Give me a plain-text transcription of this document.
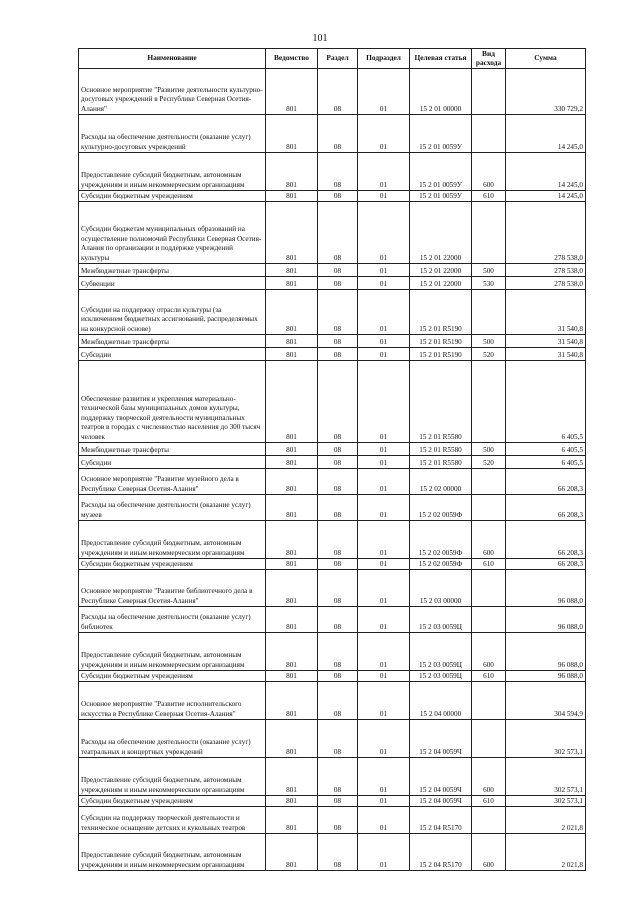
101
Наименование	Ведомство	Раздел	Подраздел	Целевая статья	Вид расхода	Сумма
Основное мероприятие "Развитие деятельности культурно-досуговых учреждений в Республике Северная Осетия-Алания"	801	08	01	15 2 01 00000		330 729,2
Расходы на обеспечение деятельности (оказание услуг) культурно-досуговых учреждений	801	08	01	15 2 01 0059У		14 245,0
Предоставление субсидий бюджетным, автономным учреждениям и иным некоммерческим организациям	801	08	01	15 2 01 0059У	600	14 245,0
Субсидии бюджетным учреждениям	801	08	01	15 2 01 0059У	610	14 245,0
Субсидии бюджетам муниципальных образований на осуществление полномочий Республики Северная Осетия-Алания по организации и поддержке учреждений культуры	801	08	01	15 2 01 22000		278 538,0
Межбюджетные трансферты	801	08	01	15 2 01 22000	500	278 538,0
Субвенции	801	08	01	15 2 01 22000	530	278 538,0
Субсидии на поддержку отрасли культуры (за исключением бюджетных ассигнований, распределяемых на конкурсной основе)	801	08	01	15 2 01 R5190		31 540,8
Межбюджетные трансферты	801	08	01	15 2 01 R5190	500	31 540,8
Субсидии	801	08	01	15 2 01 R5190	520	31 540,8
Обеспечение развития и укрепления материально-технической базы муниципальных домов культуры, поддержку творческой деятельности муниципальных театров в городах с численностью населения до 300 тысяч человек	801	08	01	15 2 01 R5580		6 405,5
Межбюджетные трансферты	801	08	01	15 2 01 R5580	500	6 405,5
Субсидии	801	08	01	15 2 01 R5580	520	6 405,5
Основное мероприятие "Развитие музейного дела в Республике Северная Осетия-Алания"	801	08	01	15 2 02 00000		66 208,3
Расходы на обеспечение деятельности (оказание услуг) музеев	801	08	01	15 2 02 0059Ф		66 208,3
Предоставление субсидий бюджетным, автономным учреждениям и иным некоммерческим организациям	801	08	01	15 2 02 0059Ф	600	66 208,3
Субсидии бюджетным учреждениям	801	08	01	15 2 02 0059Ф	610	66 208,3
Основное мероприятие "Развитие библиотечного дела в Республике Северная Осетия-Алания"	801	08	01	15 2 03 00000		96 088,0
Расходы на обеспечение деятельности (оказание услуг) библиотек	801	08	01	15 2 03 0059Ц		96 088,0
Предоставление субсидий бюджетным, автономным учреждениям и иным некоммерческим организациям	801	08	01	15 2 03 0059Ц	600	96 088,0
Субсидии бюджетным учреждениям	801	08	01	15 2 03 0059Ц	610	96 088,0
Основное мероприятие "Развитие исполнительского искусства в Республике Северная Осетия-Алания"	801	08	01	15 2 04 00000		304 594,9
Расходы на обеспечение деятельности (оказание услуг) театральных и концертных учреждений	801	08	01	15 2 04 0059Ч		302 573,1
Предоставление субсидий бюджетным, автономным учреждениям и иным некоммерческим организациям	801	08	01	15 2 04 0059Ч	600	302 573,1
Субсидии бюджетным учреждениям	801	08	01	15 2 04 0059Ч	610	302 573,1
Субсидии на поддержку творческой деятельности и техническое оснащение детских и кукольных театров	801	08	01	15 2 04 R5170		2 021,8
Предоставление субсидий бюджетным, автономным учреждениям и иным некоммерческим организациям	801	08	01	15 2 04 R5170	600	2 021,8
